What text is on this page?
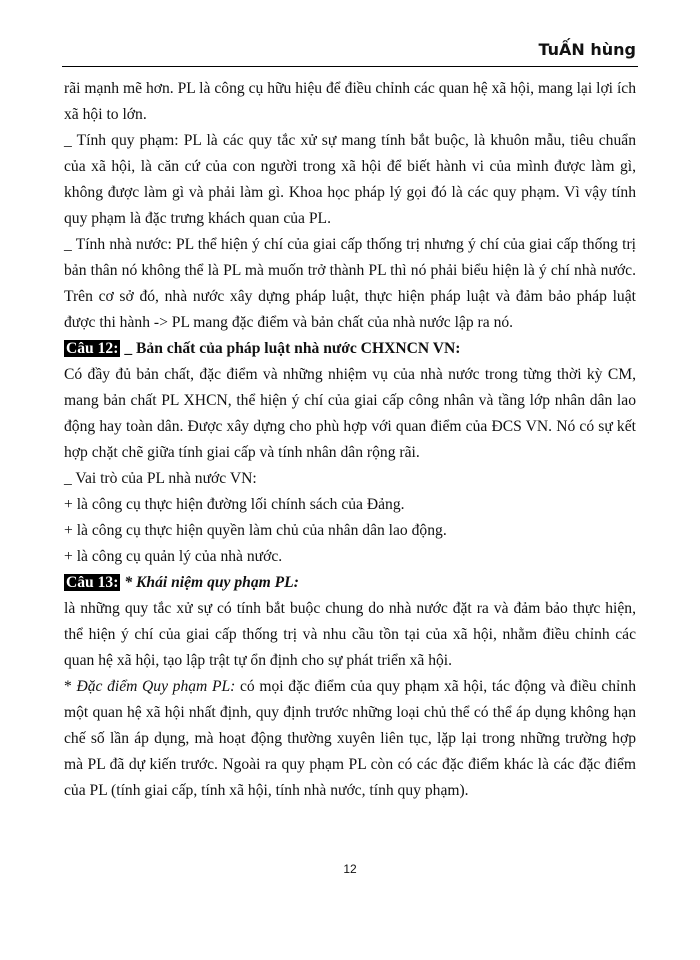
TuẤN hùng

rãi mạnh mẽ hơn. PL là công cụ hữu hiệu để điều chỉnh các quan hệ xã hội, mang lại lợi ích xã hội to lớn.

_ Tính quy phạm: PL là các quy tắc xử sự mang tính bắt buộc, là khuôn mẫu, tiêu chuẩn của xã hội, là căn cứ của con người trong xã hội để biết hành vi của mình được làm gì, không được làm gì và phải làm gì. Khoa học pháp lý gọi đó là các quy phạm. Vì vậy tính quy phạm là đặc trưng khách quan của PL.

_ Tính nhà nước: PL thể hiện ý chí của giai cấp thống trị nhưng ý chí của giai cấp thống trị bản thân nó không thể là PL mà muốn trở thành PL thì nó phải biểu hiện là ý chí nhà nước. Trên cơ sở đó, nhà nước xây dựng pháp luật, thực hiện pháp luật và đảm bảo pháp luật được thi hành -> PL mang đặc điểm và bản chất của nhà nước lập ra nó.

Câu 12: _ Bản chất của pháp luật nhà nước CHXNCN VN:

Có đầy đủ bản chất, đặc điểm và những nhiệm vụ của nhà nước trong từng thời kỳ CM, mang bản chất PL XHCN, thể hiện ý chí của giai cấp công nhân và tầng lớp nhân dân lao động hay toàn dân. Được xây dựng cho phù hợp với quan điểm của ĐCS VN. Nó có sự kết hợp chặt chẽ giữa tính giai cấp và tính nhân dân rộng rãi.

_ Vai trò của PL nhà nước VN:

+ là công cụ thực hiện đường lối chính sách của Đảng.

+ là công cụ thực hiện quyền làm chủ của nhân dân lao động.

+ là công cụ quản lý của nhà nước.

Câu 13: * Khái niệm quy phạm PL:

là những quy tắc xử sự có tính bắt buộc chung do nhà nước đặt ra và đảm bảo thực hiện, thể hiện ý chí của giai cấp thống trị và nhu cầu tồn tại của xã hội, nhằm điều chỉnh các quan hệ xã hội, tạo lập trật tự ổn định cho sự phát triển xã hội.

* Đặc điểm Quy phạm PL: có mọi đặc điểm của quy phạm xã hội, tác động và điều chỉnh một quan hệ xã hội nhất định, quy định trước những loại chủ thể có thể áp dụng không hạn chế số lần áp dụng, mà hoạt động thường xuyên liên tục, lặp lại trong những trường hợp mà PL đã dự kiến trước. Ngoài ra quy phạm PL còn có các đặc điểm khác là các đặc điểm của PL (tính giai cấp, tính xã hội, tính nhà nước, tính quy phạm).

12
